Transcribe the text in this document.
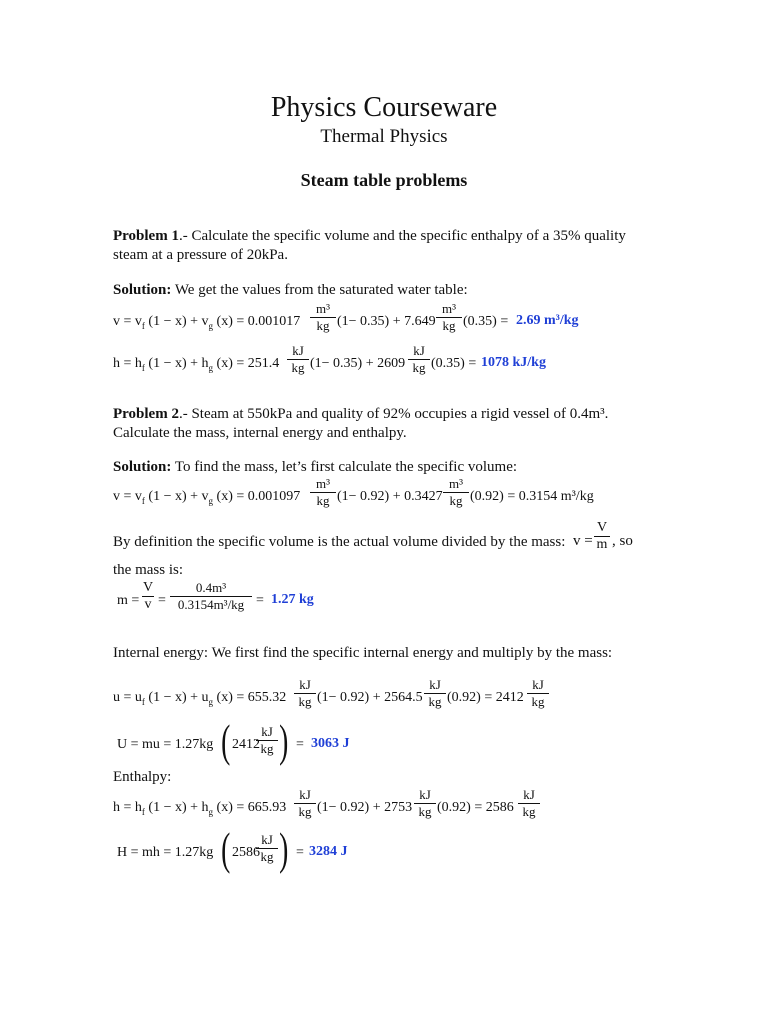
Physics Courseware
Thermal Physics
Steam table problems
Problem 1.- Calculate the specific volume and the specific enthalpy of a 35% quality steam at a pressure of 20kPa.
Solution: We get the values from the saturated water table:
$v = v_f$ $(1 - x) + v_g$ (x) = 0.001017
m³
kg (1− 0.35) + 7.649
m³
kg (0.35) = 2.69 m³/kg
$h = h_f$ $(1 - x) + h_g$ (x) = 251.4
kJ
kg (1− 0.35) + 2609
kJ
kg (0.35) = 1078 kJ/kg
Problem 2.- Steam at 550kPa and quality of 92% occupies a rigid vessel of 0.4m³. Calculate the mass, internal energy and enthalpy.
Solution: To find the mass, let’s first calculate the specific volume:
$v = v_f$ $(1 - x) + v_g$ (x) = 0.001097
m³
kg (1− 0.92) + 0.3427
m³
kg (0.92) = 0.3154 m³/kg
By definition the specific volume is the actual volume divided by the mass: v =
V
m , so
the mass is:
m =
V
v =
0.4m³
0.3154m³/kg = 1.27 kg
Internal energy: We first find the specific internal energy and multiply by the mass:
$u = u_f$ $(1 - x) + u_g$ (x) = 655.32
kJ
kg (1− 0.92) + 2564.5
kJ
kg (0.92) = 2412
kJ
kg
U = mu = 1.27kg ( 2412
kJ
kg ) = 3063 J
Enthalpy:
$h = h_f$ $(1 - x) + h_g$ (x) = 665.93
kJ
kg (1− 0.92) + 2753
kJ
kg (0.92) = 2586
kJ
kg
H = mh = 1.27kg ( 2586
kJ
kg ) = 3284 J
